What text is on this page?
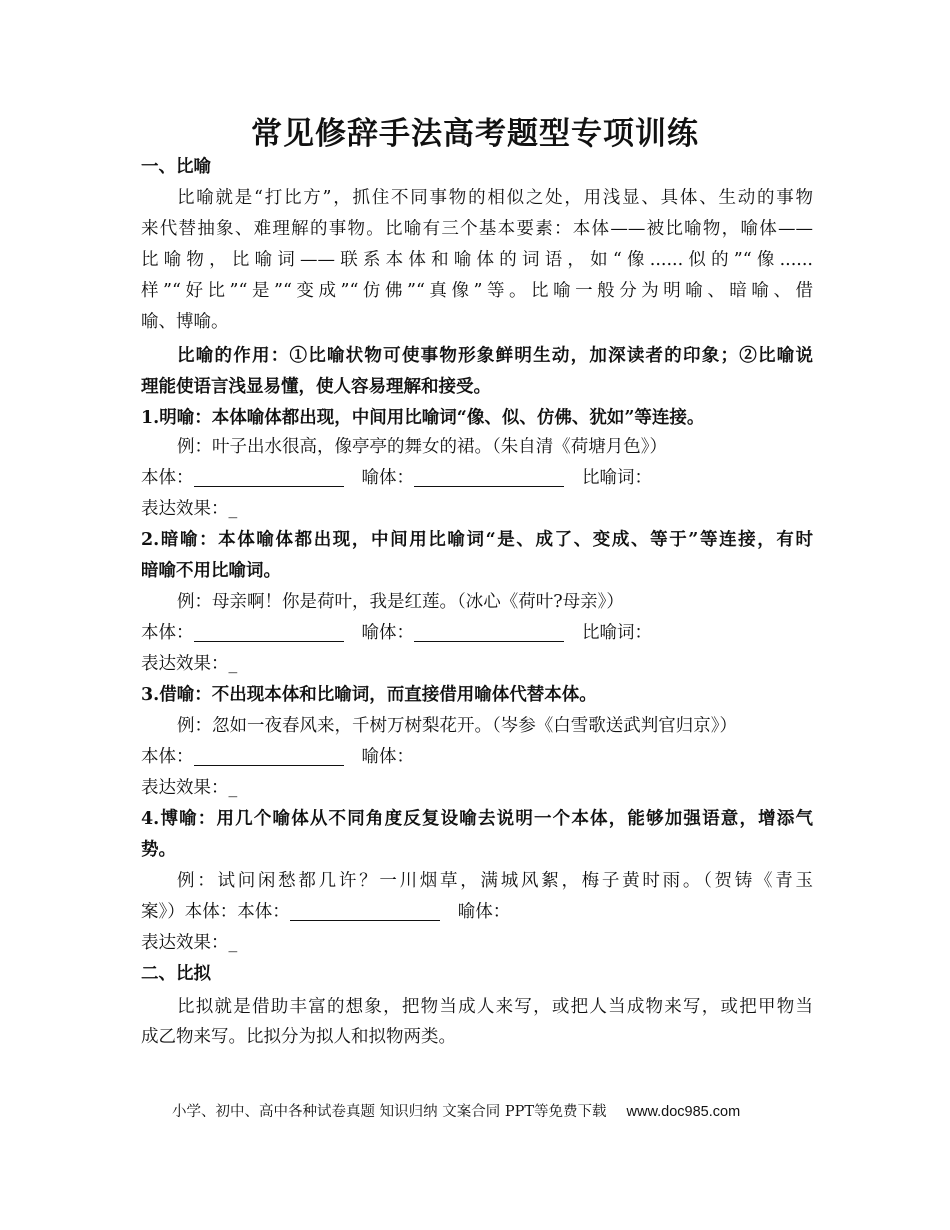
常见修辞手法高考题型专项训练
一、比喻
比喻就是“打比方”，抓住不同事物的相似之处，用浅显、具体、生动的事物
来代替抽象、难理解的事物。比喻有三个基本要素：本体——被比喻物，喻体——
比喻物，比喻词——联系本体和喻体的词语，如“像......似的”“像......
样”“好比”“是”“变成”“仿佛”“真像”等。比喻一般分为明喻、暗喻、借
喻、博喻。
比喻的作用：①比喻状物可使事物形象鲜明生动，加深读者的印象；②比喻说
理能使语言浅显易懂，使人容易理解和接受。
1.明喻：本体喻体都出现，中间用比喻词“像、似、仿佛、犹如”等连接。
例：叶子出水很高，像亭亭的舞女的裙。（朱自清《荷塘月色》）
本体：	喻体：	比喻词：
表达效果：_
2.暗喻：本体喻体都出现，中间用比喻词“是、成了、变成、等于”等连接，有时
暗喻不用比喻词。
例：母亲啊！你是荷叶，我是红莲。（冰心《荷叶?母亲》）
本体：	喻体：	比喻词：
表达效果：_
3.借喻：不出现本体和比喻词，而直接借用喻体代替本体。
例：忽如一夜春风来，千树万树梨花开。（岑参《白雪歌送武判官归京》）
本体：	喻体：
表达效果：_
4.博喻：用几个喻体从不同角度反复设喻去说明一个本体，能够加强语意，增添气
势。
例：试问闲愁都几许？一川烟草，满城风絮，梅子黄时雨。（贺铸《青玉
案》）本体：本体：	喻体：
表达效果：_
二、比拟
比拟就是借助丰富的想象，把物当成人来写，或把人当成物来写，或把甲物当
成乙物来写。比拟分为拟人和拟物两类。
小学、初中、高中各种试卷真题 知识归纳 文案合同 PPT等免费下载 www.doc985.com
